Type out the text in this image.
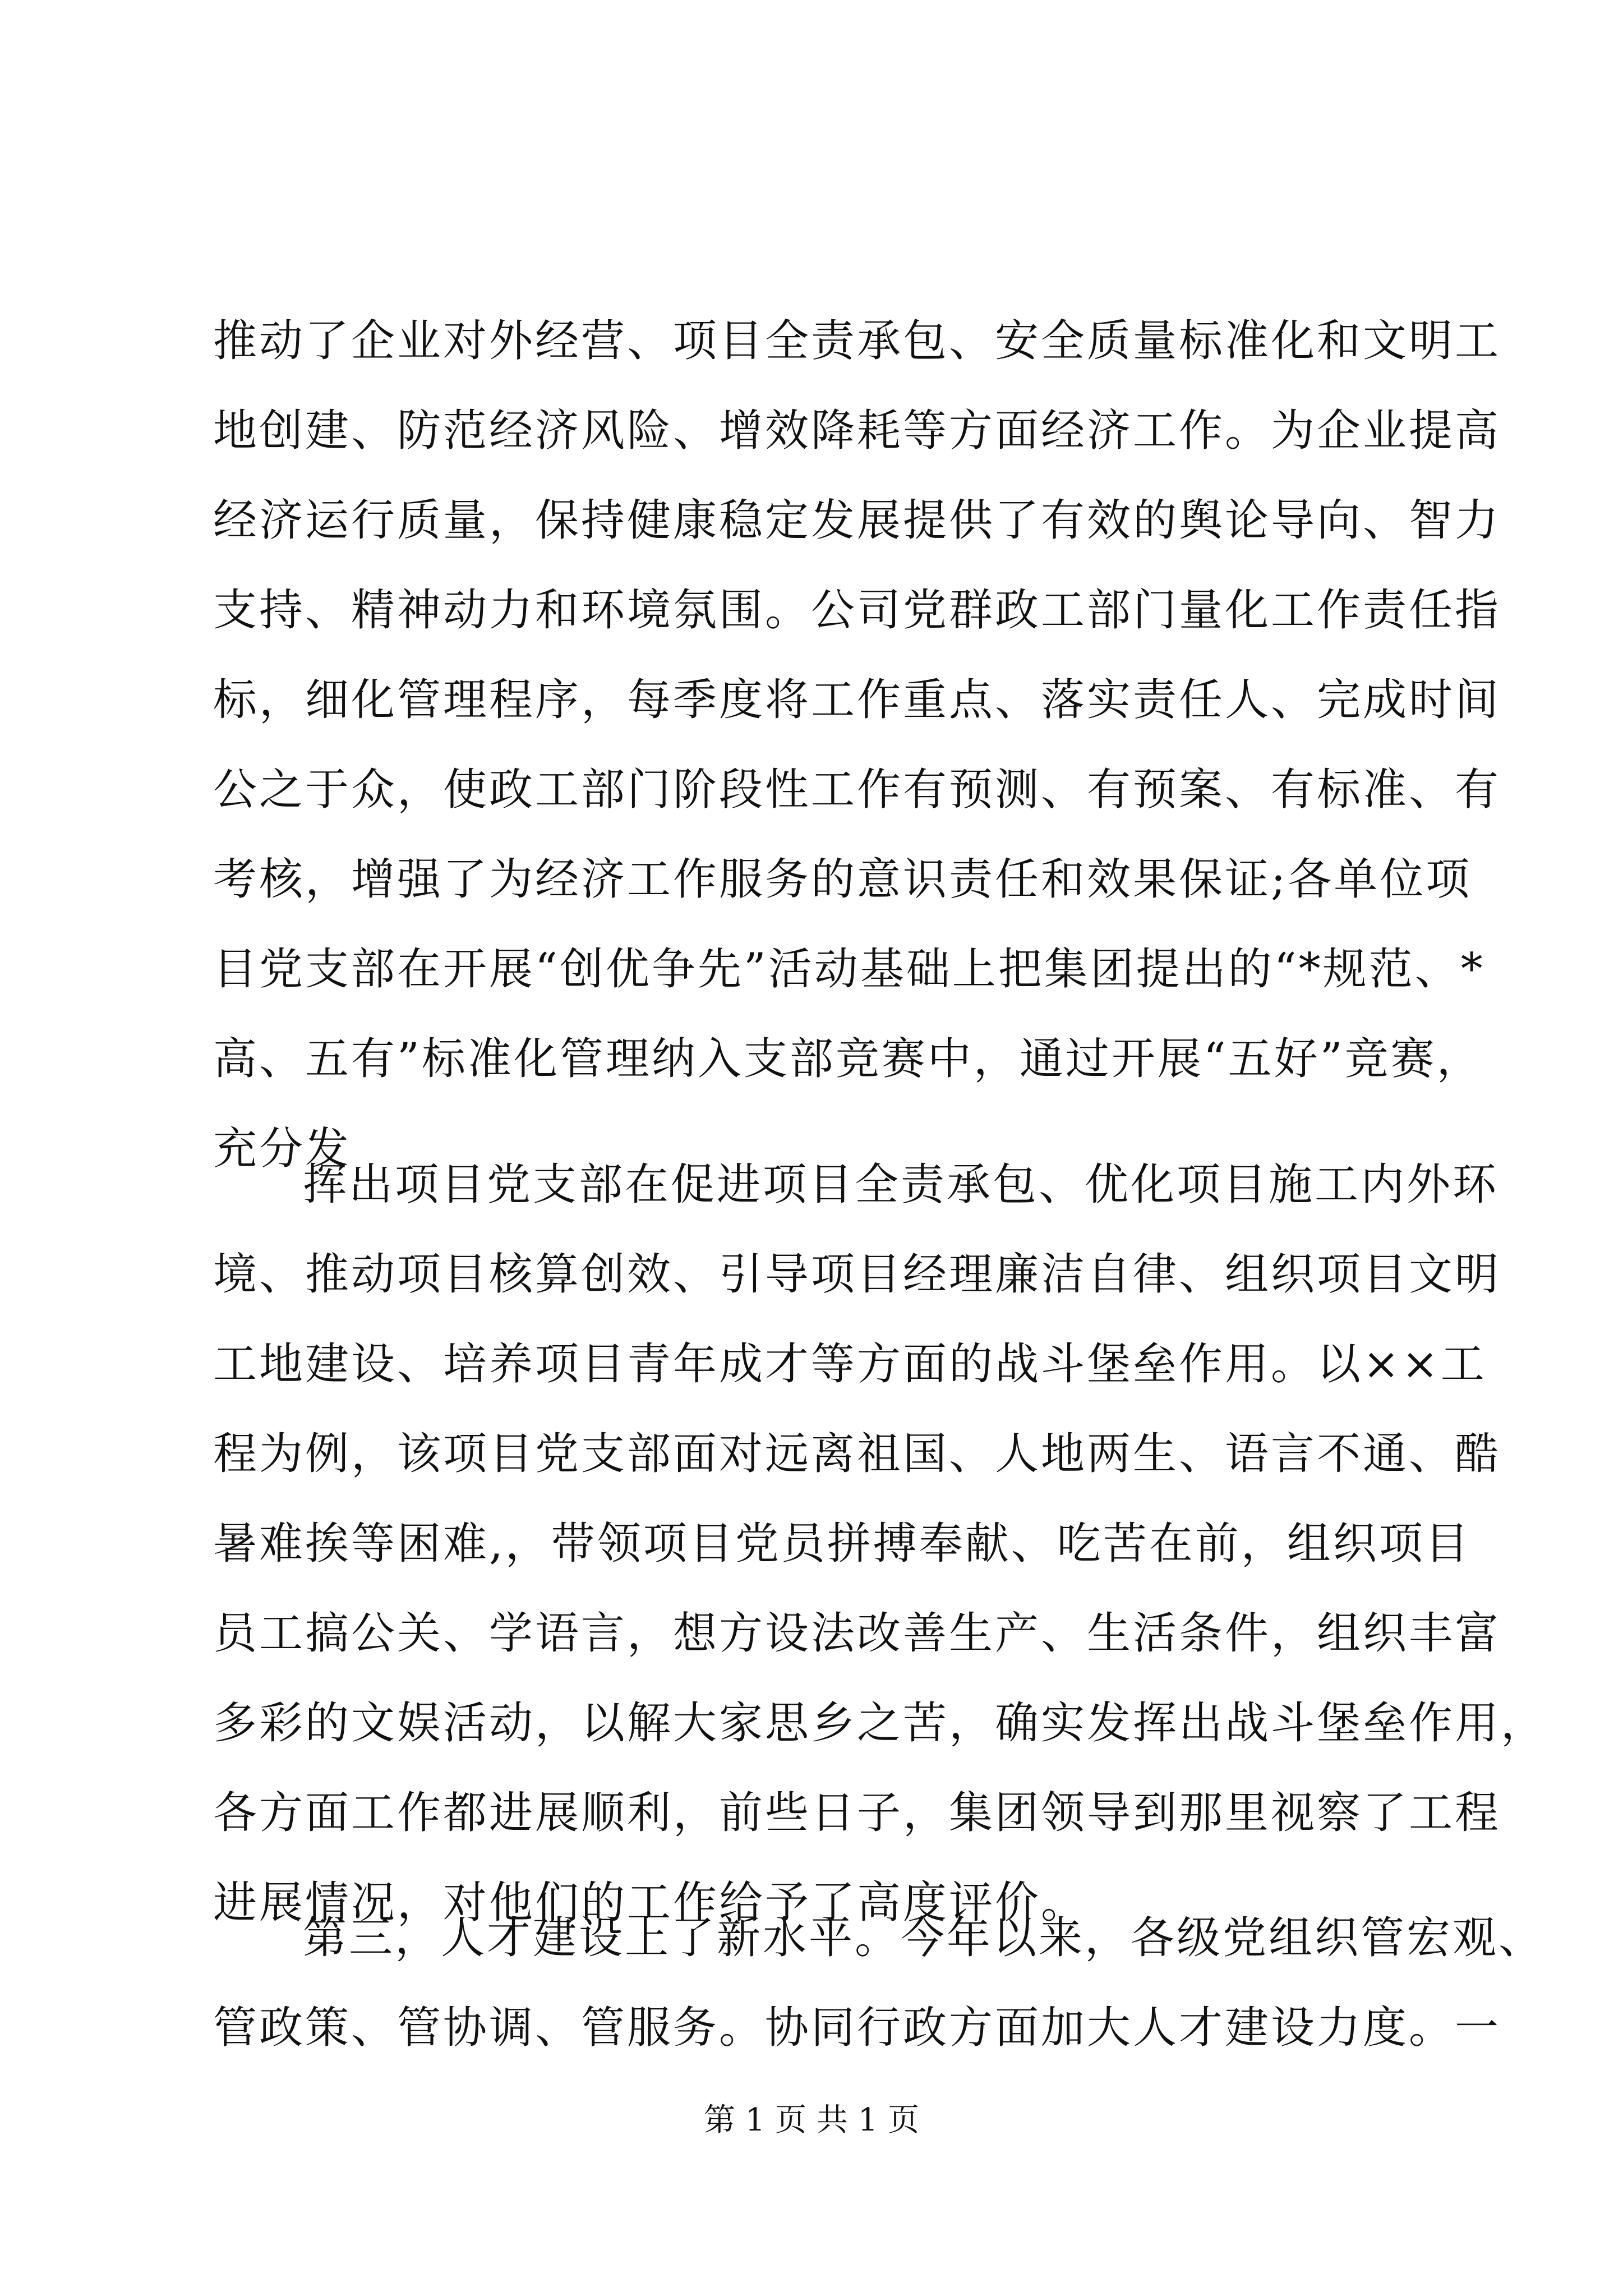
推动了企业对外经营、项目全责承包、安全质量标准化和文明工
地创建、防范经济风险、增效降耗等方面经济工作。为企业提高
经济运行质量，保持健康稳定发展提供了有效的舆论导向、智力
支持、精神动力和环境氛围。公司党群政工部门量化工作责任指
标，细化管理程序，每季度将工作重点、落实责任人、完成时间
公之于众，使政工部门阶段性工作有预测、有预案、有标准、有
考核，增强了为经济工作服务的意识责任和效果保证;各单位项
目党支部在开展“创优争先”活动基础上把集团提出的“*规范、*
高、五有”标准化管理纳入支部竞赛中，通过开展“五好”竞赛，
充分发
挥出项目党支部在促进项目全责承包、优化项目施工内外环
境、推动项目核算创效、引导项目经理廉洁自律、组织项目文明
工地建设、培养项目青年成才等方面的战斗堡垒作用。以××工
程为例，该项目党支部面对远离祖国、人地两生、语言不通、酷
暑难挨等困难,，带领项目党员拼搏奉献、吃苦在前，组织项目
员工搞公关、学语言，想方设法改善生产、生活条件，组织丰富
多彩的文娱活动，以解大家思乡之苦，确实发挥出战斗堡垒作用，
各方面工作都进展顺利，前些日子，集团领导到那里视察了工程
进展情况，对他们的工作给予了高度评价。
第三，人才建设上了新水平。今年以来，各级党组织管宏观、
管政策、管协调、管服务。协同行政方面加大人才建设力度。一
第 1 页 共 1 页
